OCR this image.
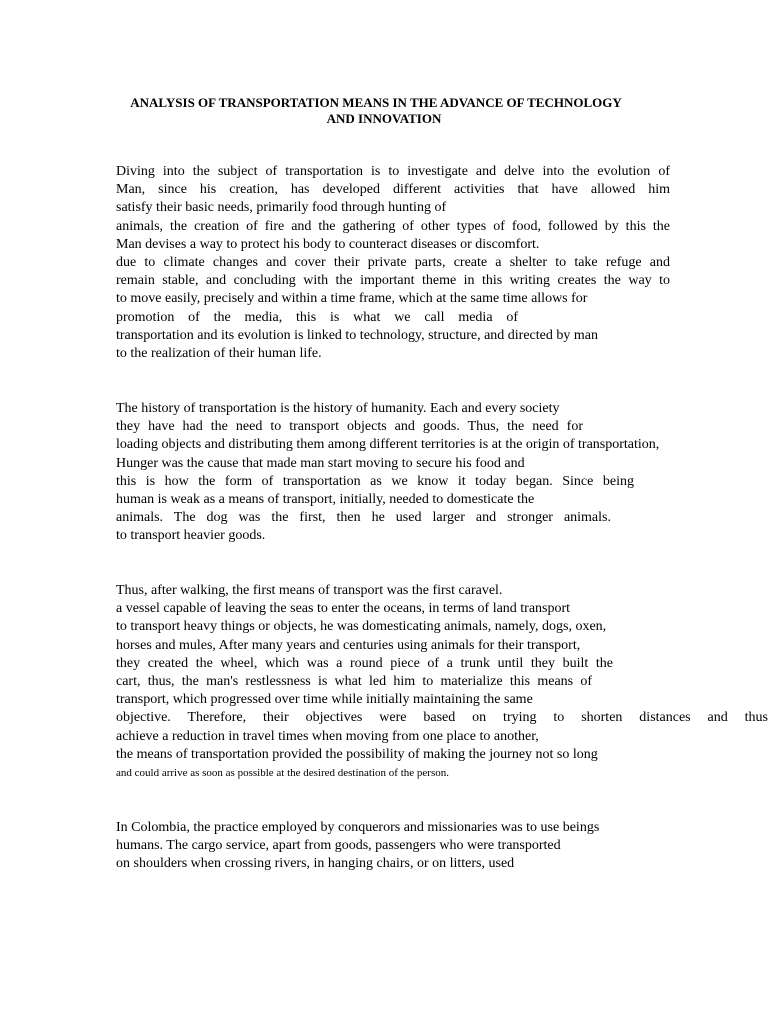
ANALYSIS OF TRANSPORTATION MEANS IN THE ADVANCE OF TECHNOLOGY
AND INNOVATION
Diving into the subject of transportation is to investigate and delve into the evolution of
Man, since his creation, has developed different activities that have allowed him
satisfy their basic needs, primarily food through hunting of
animals, the creation of fire and the gathering of other types of food, followed by this the
Man devises a way to protect his body to counteract diseases or discomfort.
due to climate changes and cover their private parts, create a shelter to take refuge and
remain stable, and concluding with the important theme in this writing creates the way to
to move easily, precisely and within a time frame, which at the same time allows for
promotion of the media, this is what we call media of
transportation and its evolution is linked to technology, structure, and directed by man
to the realization of their human life.
The history of transportation is the history of humanity. Each and every society
they have had the need to transport objects and goods. Thus, the need for
loading objects and distributing them among different territories is at the origin of transportation,
Hunger was the cause that made man start moving to secure his food and
this is how the form of transportation as we know it today began. Since being
human is weak as a means of transport, initially, needed to domesticate the
animals. The dog was the first, then he used larger and stronger animals.
to transport heavier goods.
Thus, after walking, the first means of transport was the first caravel.
a vessel capable of leaving the seas to enter the oceans, in terms of land transport
to transport heavy things or objects, he was domesticating animals, namely, dogs, oxen,
horses and mules, After many years and centuries using animals for their transport,
they created the wheel, which was a round piece of a trunk until they built the
cart, thus, the man's restlessness is what led him to materialize this means of
transport, which progressed over time while initially maintaining the same
objective. Therefore, their objectives were based on trying to shorten distances and thus
achieve a reduction in travel times when moving from one place to another,
the means of transportation provided the possibility of making the journey not so long
and could arrive as soon as possible at the desired destination of the person.
In Colombia, the practice employed by conquerors and missionaries was to use beings
humans. The cargo service, apart from goods, passengers who were transported
on shoulders when crossing rivers, in hanging chairs, or on litters, used
